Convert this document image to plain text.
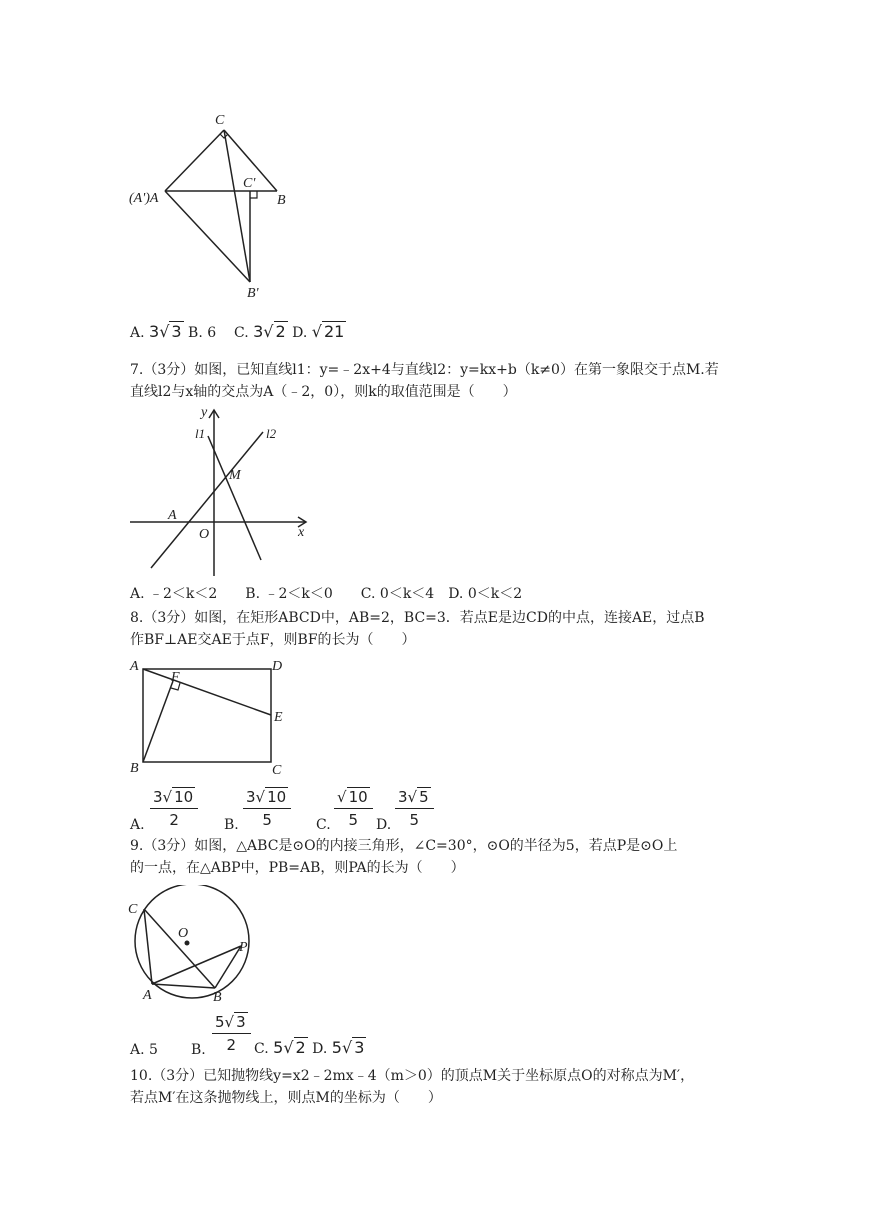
C
(A')A
C'
B
B'
A. 3√ 3 B. 6 C. 3√ 2 D. √ 21
7.（3分）如图，已知直线l1：y=﹣2x+4与直线l2：y=kx+b（k≠0）在第一象限交于点M.若
直线l2与x轴的交点为A（﹣2，0），则k的取值范围是（　　）
y
l1	l2
M
A
O	x
A. ﹣2＜k＜2　　B. ﹣2＜k＜0　　C. 0＜k＜4　D. 0＜k＜2
8.（3分）如图，在矩形ABCD中，AB=2，BC=3．若点E是边CD的中点，连接AE，过点B
作BF⊥AE交AE于点F，则BF的长为（　　）
A
F
D
E
B	C
A. $\frac{3√ 10}{2} B$. $\frac{3√ 10}{5} C$. $\frac{√ 10}{5} D$. $\frac{3√ 5}{5}$
9.（3分）如图，△ABC是⊙O的内接三角形，∠C=30°，⊙O的半径为5，若点P是⊙O上
的一点，在△ABP中，PB=AB，则PA的长为（　　）
C
O
P
A	B
A. 5 B. $\frac{5√ 3}{2} C$. 5√ 2 D. 5√ 3
10.（3分）已知抛物线y=x2﹣2mx﹣4（m＞0）的顶点M关于坐标原点O的对称点为M′，
若点M′在这条抛物线上，则点M的坐标为（　　）
